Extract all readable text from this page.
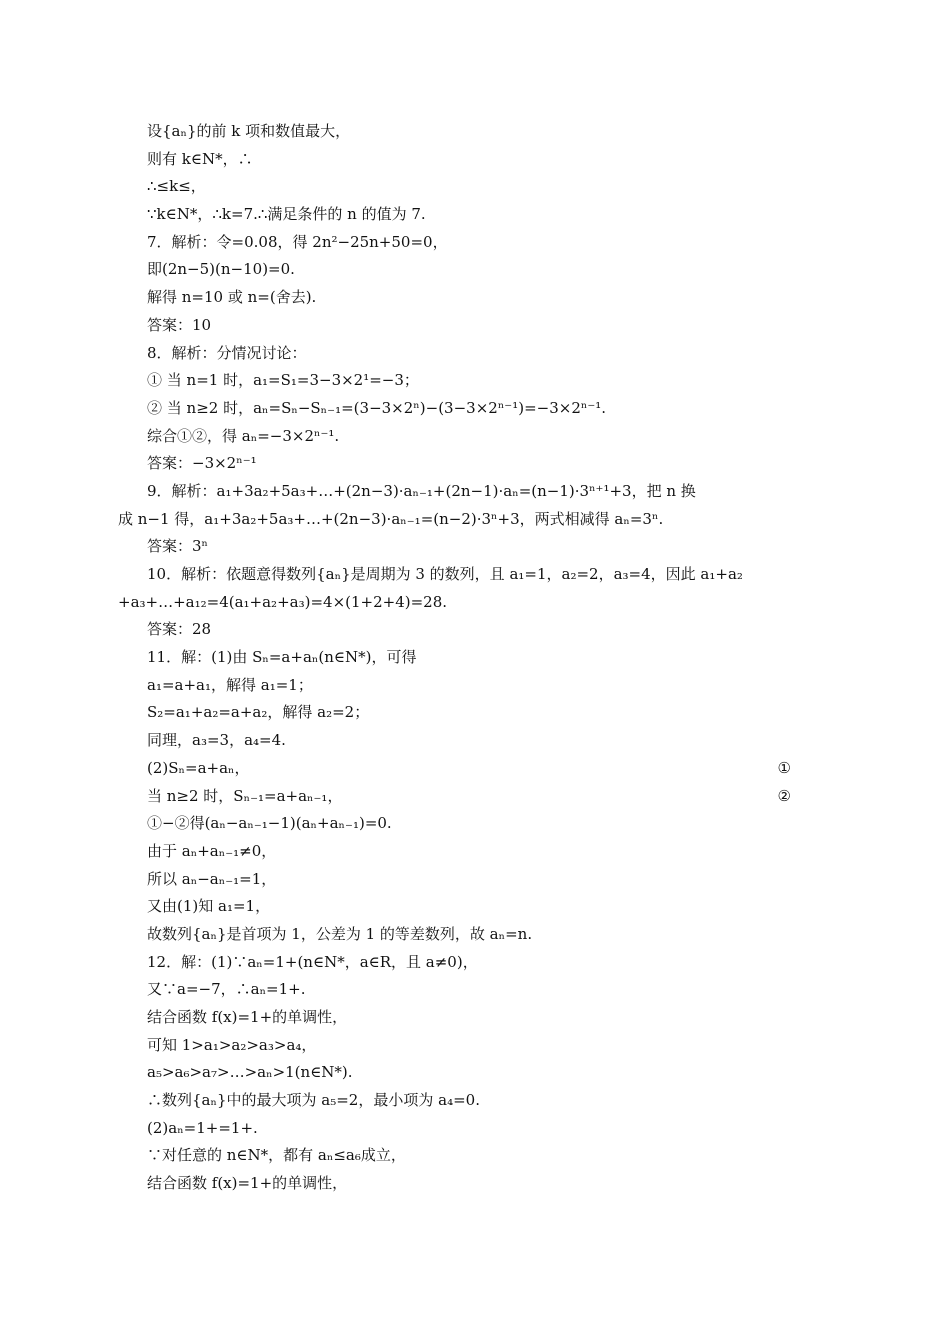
设{aₙ}的前 k 项和数值最大，
则有 k∈N*，∴
∴≤k≤，
∵k∈N*，∴k=7.∴满足条件的 n 的值为 7.
7．解析：令=0.08，得 2n²−25n+50=0，
即(2n−5)(n−10)=0.
解得 n=10 或 n=(舍去).
答案：10
8．解析：分情况讨论：
① 当 n=1 时，a₁=S₁=3−3×2¹=−3；
② 当 n≥2 时，aₙ=Sₙ−Sₙ₋₁=(3−3×2ⁿ)−(3−3×2ⁿ⁻¹)=−3×2ⁿ⁻¹.
综合①②，得 aₙ=−3×2ⁿ⁻¹.
答案：−3×2ⁿ⁻¹
9．解析：a₁+3a₂+5a₃+…+(2n−3)·aₙ₋₁+(2n−1)·aₙ=(n−1)·3ⁿ⁺¹+3，把 n 换
成 n−1 得，a₁+3a₂+5a₃+…+(2n−3)·aₙ₋₁=(n−2)·3ⁿ+3，两式相减得 aₙ=3ⁿ.
答案：3ⁿ
10．解析：依题意得数列{aₙ}是周期为 3 的数列，且 a₁=1，a₂=2，a₃=4，因此 a₁+a₂
+a₃+…+a₁₂=4(a₁+a₂+a₃)=4×(1+2+4)=28.
答案：28
11．解：(1)由 Sₙ=a+aₙ(n∈N*)，可得
a₁=a+a₁，解得 a₁=1；
S₂=a₁+a₂=a+a₂，解得 a₂=2；
同理，a₃=3，a₄=4.
(2)Sₙ=a+aₙ，	①
当 n≥2 时，Sₙ₋₁=a+aₙ₋₁，	②
①−②得(aₙ−aₙ₋₁−1)(aₙ+aₙ₋₁)=0.
由于 aₙ+aₙ₋₁≠0，
所以 aₙ−aₙ₋₁=1，
又由(1)知 a₁=1，
故数列{aₙ}是首项为 1，公差为 1 的等差数列，故 aₙ=n.
12．解：(1)∵aₙ=1+(n∈N*，a∈R，且 a≠0)，
又∵a=−7，∴aₙ=1+.
结合函数 f(x)=1+的单调性，
可知 1>a₁>a₂>a₃>a₄，
a₅>a₆>a₇>…>aₙ>1(n∈N*).
∴数列{aₙ}中的最大项为 a₅=2，最小项为 a₄=0.
(2)aₙ=1+=1+.
∵对任意的 n∈N*，都有 aₙ≤a₆成立，
结合函数 f(x)=1+的单调性，
